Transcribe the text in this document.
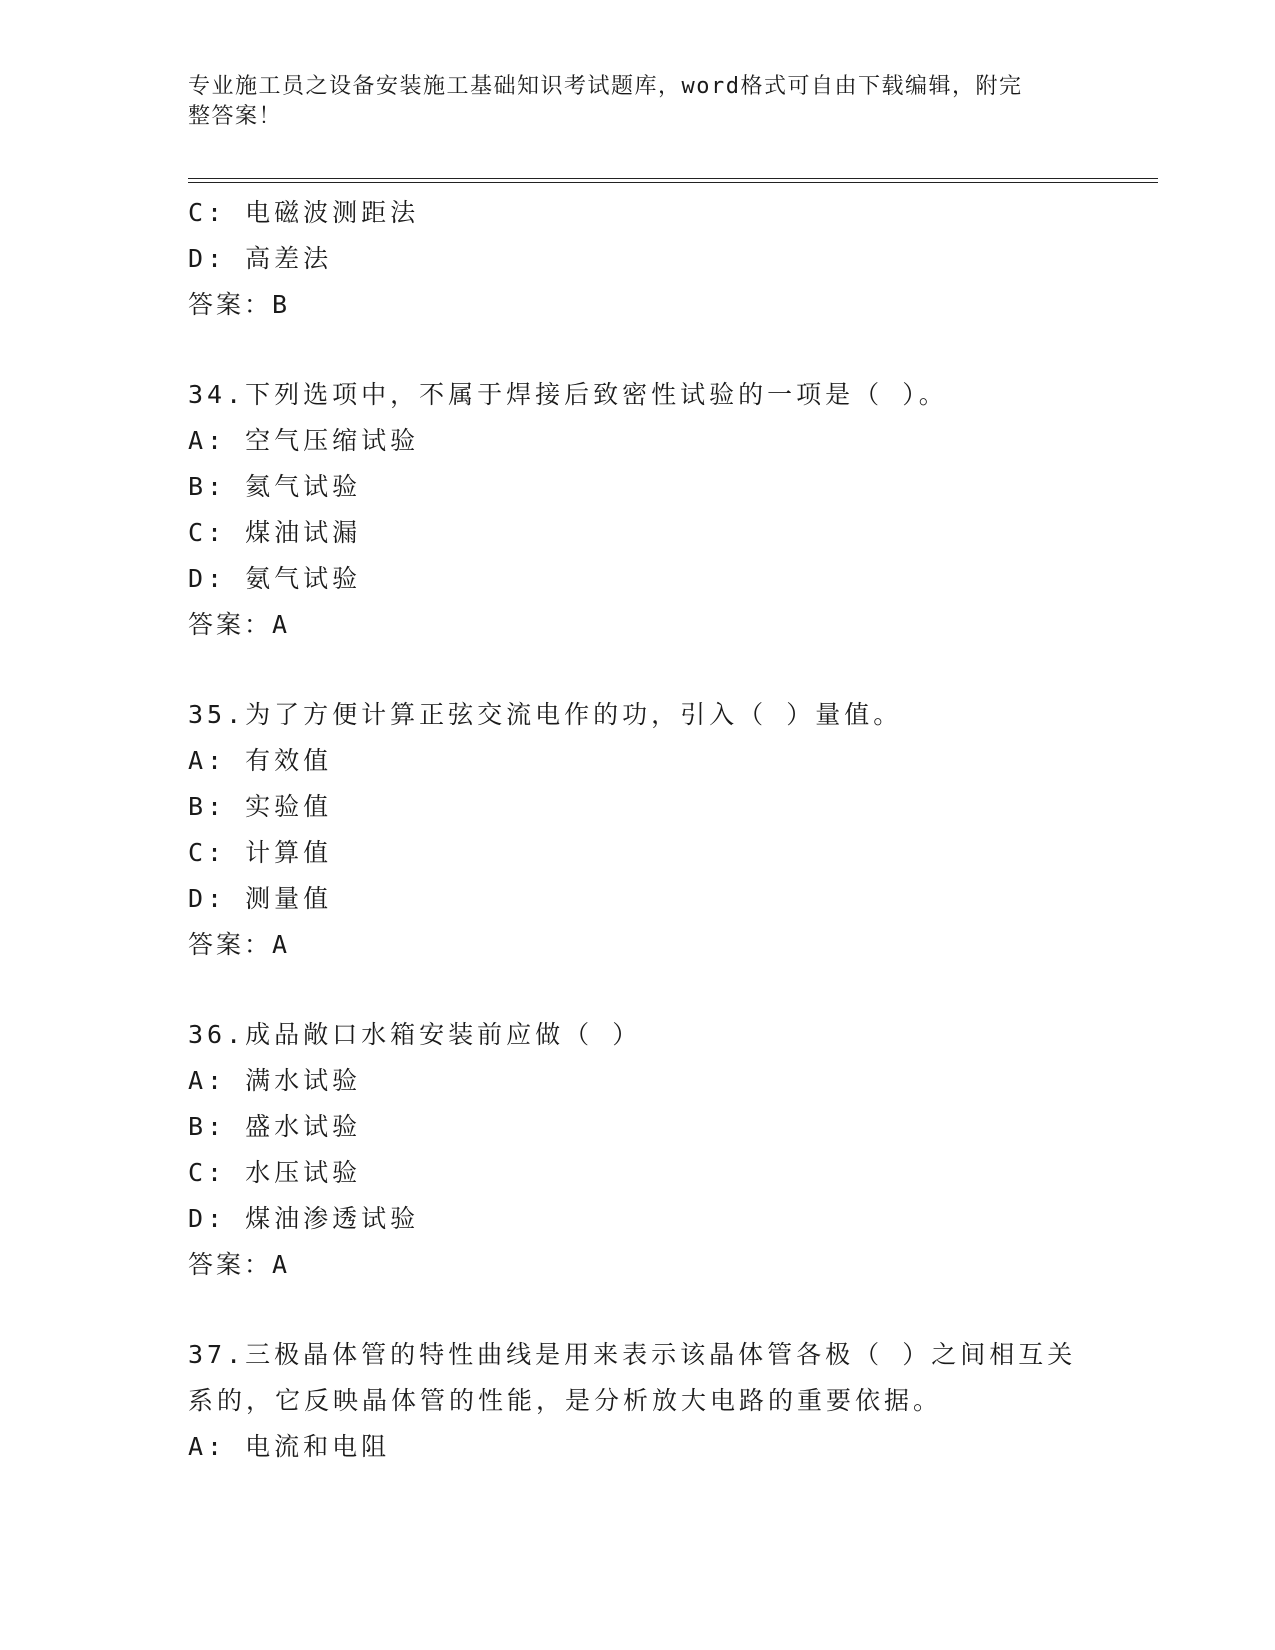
专业施工员之设备安装施工基础知识考试题库，word格式可自由下载编辑，附完
整答案！
C: 电磁波测距法
D: 高差法
答案：B
34.下列选项中，不属于焊接后致密性试验的一项是（ ）。
A: 空气压缩试验
B: 氦气试验
C: 煤油试漏
D: 氨气试验
答案：A
35.为了方便计算正弦交流电作的功，引入（ ）量值。
A: 有效值
B: 实验值
C: 计算值
D: 测量值
答案：A
36.成品敞口水箱安装前应做（ ）
A: 满水试验
B: 盛水试验
C: 水压试验
D: 煤油渗透试验
答案：A
37.三极晶体管的特性曲线是用来表示该晶体管各极（ ）之间相互关
系的，它反映晶体管的性能，是分析放大电路的重要依据。
A: 电流和电阻
